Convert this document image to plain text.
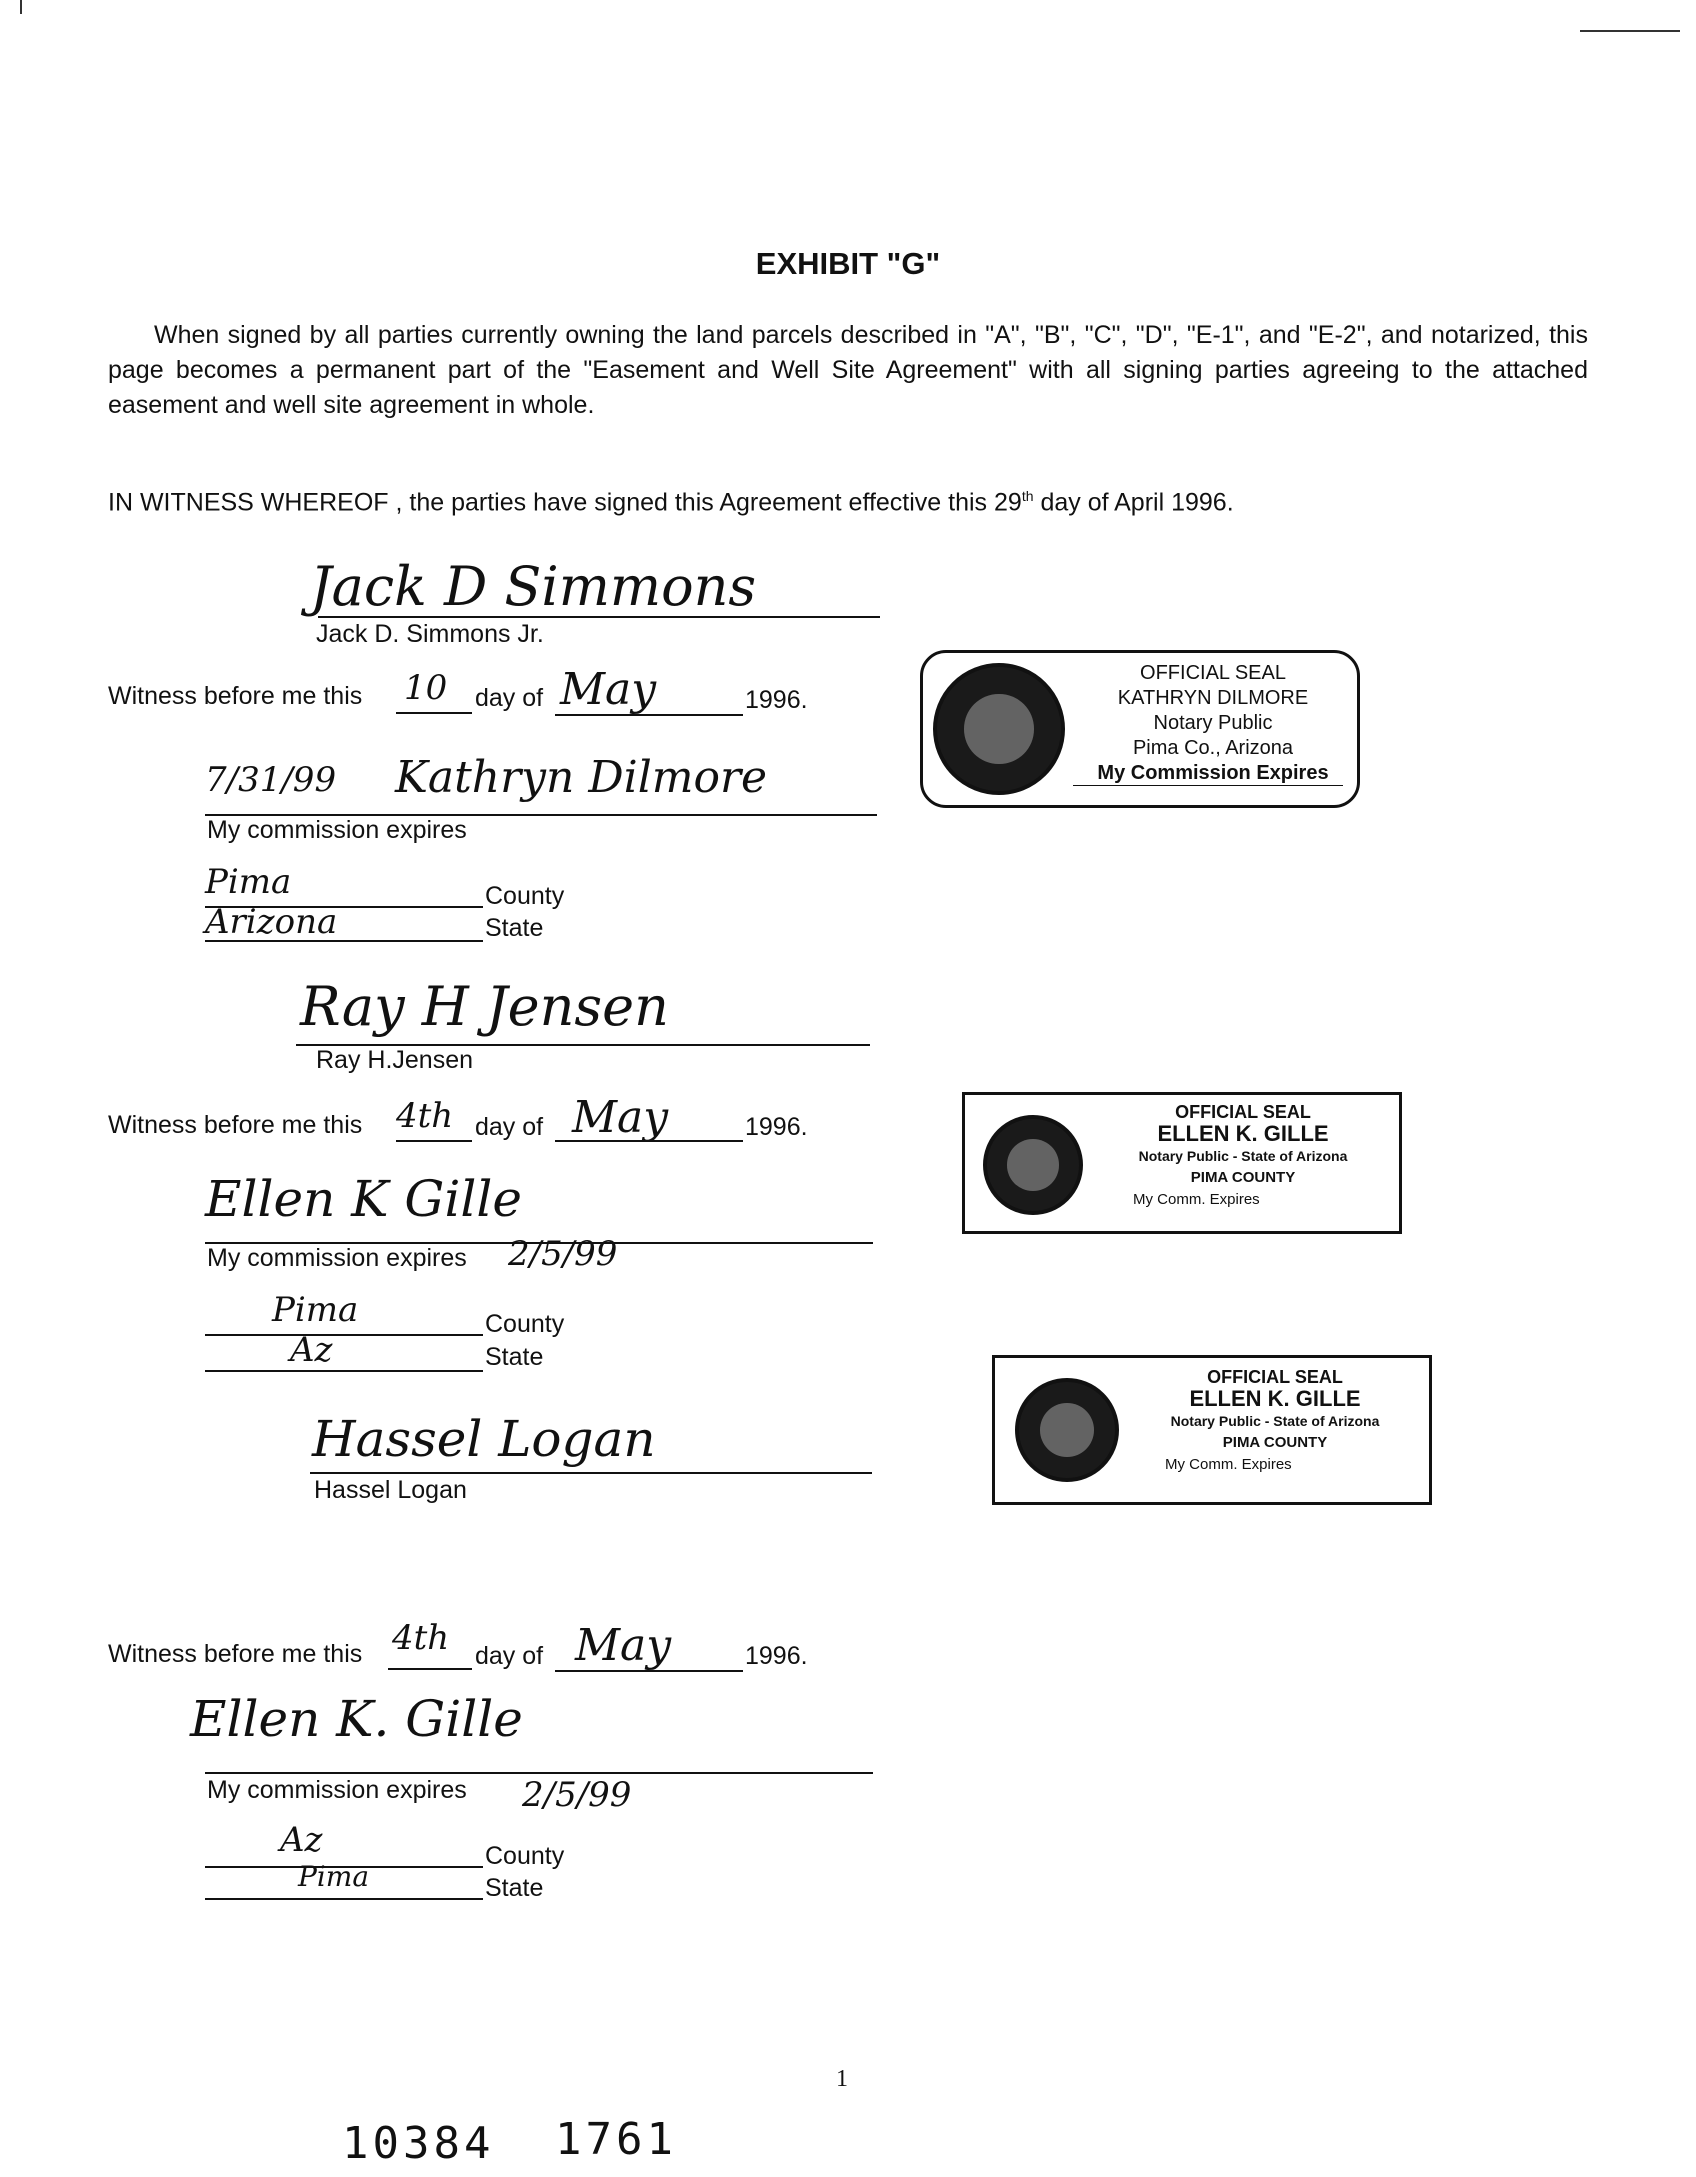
EXHIBIT "G"
When signed by all parties currently owning the land parcels described in "A", "B", "C", "D", "E-1", and "E-2", and notarized, this page becomes a permanent part of the "Easement and Well Site Agreement" with all signing parties agreeing to the attached easement and well site agreement in whole.
IN WITNESS WHEREOF , the parties have signed this Agreement effective this 29th day of April 1996.
Jack D Simmons
Jack D. Simmons Jr.
Witness before me this 10 day of May	1996.
7/31/99 Kathryn Dilmore
My commission expires
Pima	County
Arizona	State
OFFICIAL SEAL
KATHRYN DILMORE
Notary Public
Pima Co., Arizona
My Commission Expires
Ray H Jensen
Ray H.Jensen
Witness before me this 4th day of May	1996.
Ellen K Gille
My commission expires 2/5/99
Pima	County
Az	State
OFFICIAL SEAL
ELLEN K. GILLE
Notary Public - State of Arizona
PIMA COUNTY
My Comm. Expires
Hassel Logan
Hassel Logan
OFFICIAL SEAL
ELLEN K. GILLE
Notary Public - State of Arizona
PIMA COUNTY
My Comm. Expires
Witness before me this 4th day of May	1996.
Ellen K. Gille
My commission expires 2/5/99
Az	County
Pima	State
1
10384 1761
